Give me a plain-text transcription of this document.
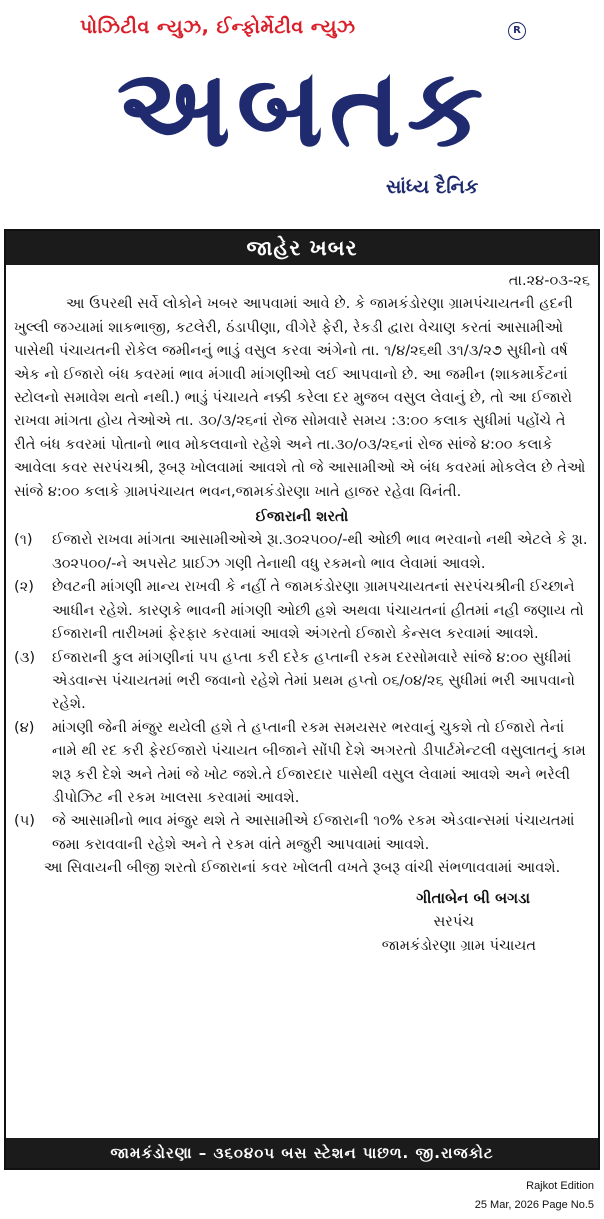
પોઝિટીવ ન્યુઝ, ઈન્ફોર્મેટીવ ન્યુઝ	R
અબતક
સાંધ્ય દૈનિક
જાહેર ખબર
તા.૨૪-૦૩-૨૬

આ ઉપરથી સર્વે લોકોને ખબર આપવામાં આવે છે. કે જામકંડોરણા ગ્રામપંચાયતની હદની ખુલ્લી જગ્યામાં શાકભાજી, કટલેરી, ઠંડાપીણા, વીગેરે ફેરી, રેકડી દ્વારા વેચાણ કરતાં આસામીઓ પાસેથી પંચાયતની રોકેલ જમીનનું ભાડું વસુલ કરવા અંગેનો તા. ૧/૪/૨૬થી ૩૧/૩/૨૭ સુધીનો વર્ષ એક નો ઈજારો બંધ કવરમાં ભાવ મંગાવી માંગણીઓ લઈ આપવાનો છે. આ જમીન (શાકમાર્કેટનાં સ્ટોલનો સમાવેશ થતો નથી.) ભાડું પંચાયતે નક્કી કરેલા દર મુજબ વસુલ લેવાનું છે, તો આ ઈજારો રાખવા માંગતા હોય તેઓએ તા. ૩૦/૩/૨૬નાં રોજ સોમવારે સમય :૩:૦૦ કલાક સુધીમાં પહોંચે તે રીતે બંધ કવરમાં પોતાનો ભાવ મોકલવાનો રહેશે અને તા.૩૦/૦૩/૨૬નાં રોજ સાંજે ૪:૦૦ કલાકે આવેલા કવર સરપંચશ્રી, રૂબરૂ ખોલવામાં આવશે તો જે આસામીઓ એ બંધ કવરમાં મોકલેલ છે તેઓ સાંજે ૪:૦૦ કલાકે ગ્રામપંચાયત ભવન,જામકંડોરણા ખાતે હાજર રહેવા વિનંતી.

ઈજારાની શરતો
(૧)	ઈજારો રાખવા માંગતા આસામીઓએ રૂા.૩૦૨૫૦૦/-થી ઓછી ભાવ ભરવાનો નથી એટલે કે રૂા. ૩૦૨૫૦૦/-ને અપસેટ પ્રાઈઝ ગણી તેનાથી વધુ રકમનો ભાવ લેવામાં આવશે.
(૨)	છેવટની માંગણી માન્ય રાખવી કે નહીં તે જામકંડોરણા ગ્રામપચાયતનાં સરપંચશ્રીની ઈચ્છાને આધીન રહેશે. કારણકે ભાવની માંગણી ઓછી હશે અથવા પંચાયતનાં હીતમાં નહી જણાય તો ઈજારાની તારીખમાં ફેરફાર કરવામાં આવશે અંગરતો ઈજારો કેન્સલ કરવામાં આવશે.
(૩)	ઈજારાની કુલ માંગણીનાં ૫૫ હપ્તા કરી દરેક હપ્તાની રકમ દરસોમવારે સાંજે ૪:૦૦ સુધીમાં એડવાન્સ પંચાયતમાં ભરી જવાનો રહેશે તેમાં પ્રથમ હપ્તો ૦૬/૦૪/૨૬ સુધીમાં ભરી આપવાનો રહેશે.
(૪)	માંગણી જેની મંજુર થયેલી હશે તે હપ્તાની રકમ સમયસર ભરવાનું ચુકશે તો ઈજારો તેનાં નામે થી રદ કરી ફેરઈજારો પંચાયત બીજાને સોંપી દેશે અગરતો ડીપાર્ટમેન્ટલી વસુલાતનું કામ શરૂ કરી દેશે અને તેમાં જે ખોટ જશે.તે ઈજારદાર પાસેથી વસુલ લેવામાં આવશે અને ભરેલી ડીપોઝિટ ની રકમ ખાલસા કરવામાં આવશે.
(૫)	જે આસામીનો ભાવ મંજુર થશે તે આસામીએ ઈજારાની ૧૦% રકમ એડવાન્સમાં પંચાયતમાં જમા કરાવવાની રહેશે અને તે રકમ વાંતે મજુરી આપવામાં આવશે.

આ સિવાયની બીજી શરતો ઈજારાનાં કવર ખોલતી વખતે રૂબરૂ વાંચી સંભળાવવામાં આવશે.

ગીતાબેન બી બગડા
સરપંચ
જામકંડોરણા ગ્રામ પંચાયત
જામકંડોરણા – ૩૬૦૪૦૫ બસ સ્ટેશન પાછળ. જી.રાજકોટ
Rajkot Edition
25 Mar, 2026 Page No.5
